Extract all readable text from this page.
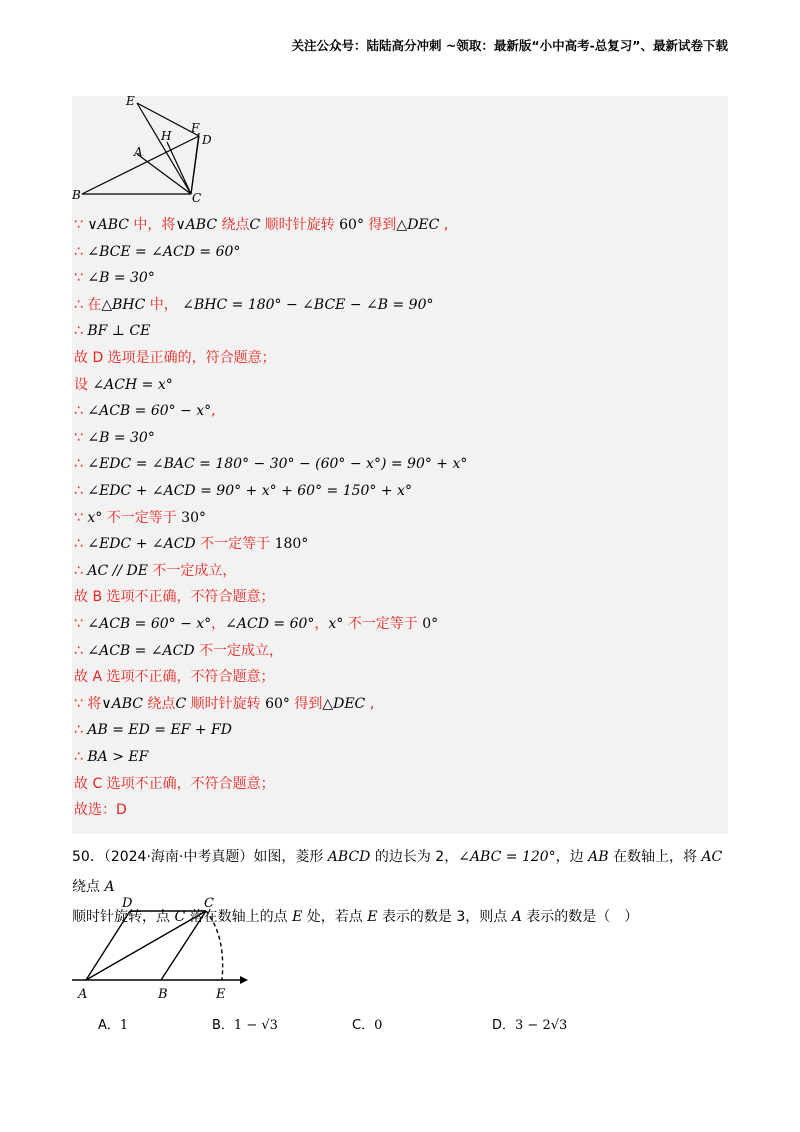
关注公众号：陆陆高分冲刺 ~领取：最新版“小中高考-总复习”、最新试卷下载
E
F
H	D
A
B	C
∵ ∨ABC 中，将∨ABC 绕点C 顺时针旋转 60° 得到△DEC ,
∴ ∠BCE = ∠ACD = 60°
∵ ∠B = 30°
∴ 在△BHC 中， ∠BHC = 180° − ∠BCE − ∠B = 90°
∴ BF ⊥ CE
故 D 选项是正确的，符合题意；
设 ∠ACH = x°
∴ ∠ACB = 60° − x°,
∵ ∠B = 30°
∴ ∠EDC = ∠BAC = 180° − 30° − (60° − x°) = 90° + x°
∴ ∠EDC + ∠ACD = 90° + x° + 60° = 150° + x°
∵ x° 不一定等于 30°
∴ ∠EDC + ∠ACD 不一定等于 180°
∴ AC // DE 不一定成立，
故 B 选项不正确，不符合题意；
∵ ∠ACB = 60° − x°，∠ACD = 60°，x° 不一定等于 0°
∴ ∠ACB = ∠ACD 不一定成立，
故 A 选项不正确，不符合题意；
∵ 将∨ABC 绕点C 顺时针旋转 60° 得到△DEC ,
∴ AB = ED = EF + FD
∴ BA > EF
故 C 选项不正确，不符合题意；
故选：D
50．（2024·海南·中考真题）如图，菱形 ABCD 的边长为 2，∠ABC = 120°，边 AB 在数轴上，将 AC 绕点 A
顺时针旋转，点 C 落在数轴上的点 E 处，若点 E 表示的数是 3，则点 A 表示的数是（　）
D	C
A	B	E
A．1	B．1 − √3	C．0	D．3 − 2√3
